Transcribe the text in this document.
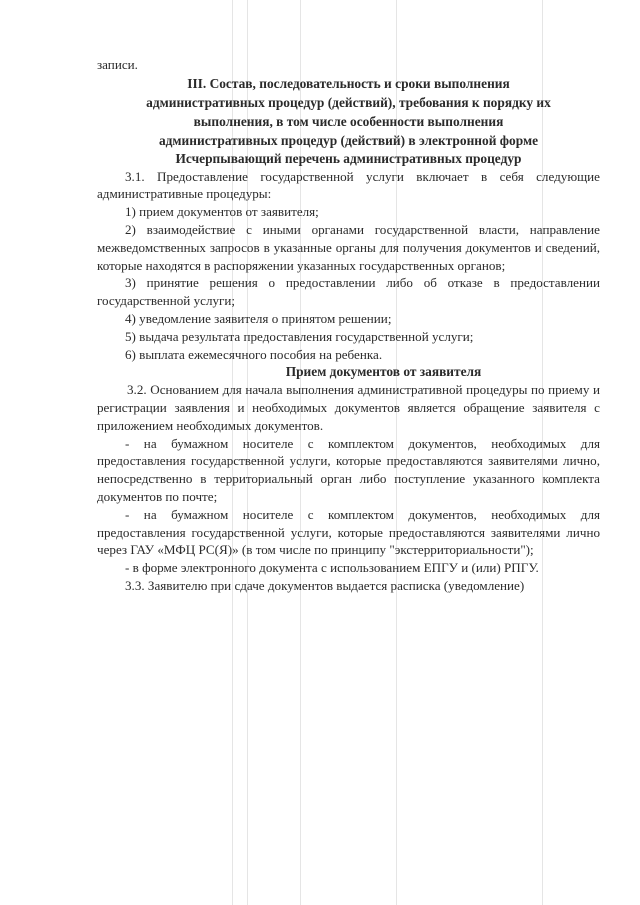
записи.

III. Состав, последовательность и сроки выполнения административных процедур (действий), требования к порядку их выполнения, в том числе особенности выполнения административных процедур (действий) в электронной форме

Исчерпывающий перечень административных процедур

3.1. Предоставление государственной услуги включает в себя следующие административные процедуры:

1) прием документов от заявителя;

2) взаимодействие с иными органами государственной власти, направление межведомственных запросов в указанные органы для получения документов и сведений, которые находятся в распоряжении указанных государственных органов;

3) принятие решения о предоставлении либо об отказе в предоставлении государственной услуги;

4) уведомление заявителя о принятом решении;

5) выдача результата предоставления государственной услуги;

6) выплата ежемесячного пособия на ребенка.

Прием документов от заявителя

3.2. Основанием для начала выполнения административной процедуры по приему и регистрации заявления и необходимых документов является обращение заявителя с приложением необходимых документов.

- на бумажном носителе с комплектом документов, необходимых для предоставления государственной услуги, которые предоставляются заявителями лично, непосредственно в территориальный орган либо поступление указанного комплекта документов по почте;

- на бумажном носителе с комплектом документов, необходимых для предоставления государственной услуги, которые предоставляются заявителями лично через ГАУ «МФЦ РС(Я)» (в том числе по принципу "экстерриториальности");

- в форме электронного документа с использованием ЕПГУ и (или) РПГУ.

3.3. Заявителю при сдаче документов выдается расписка (уведомление)
